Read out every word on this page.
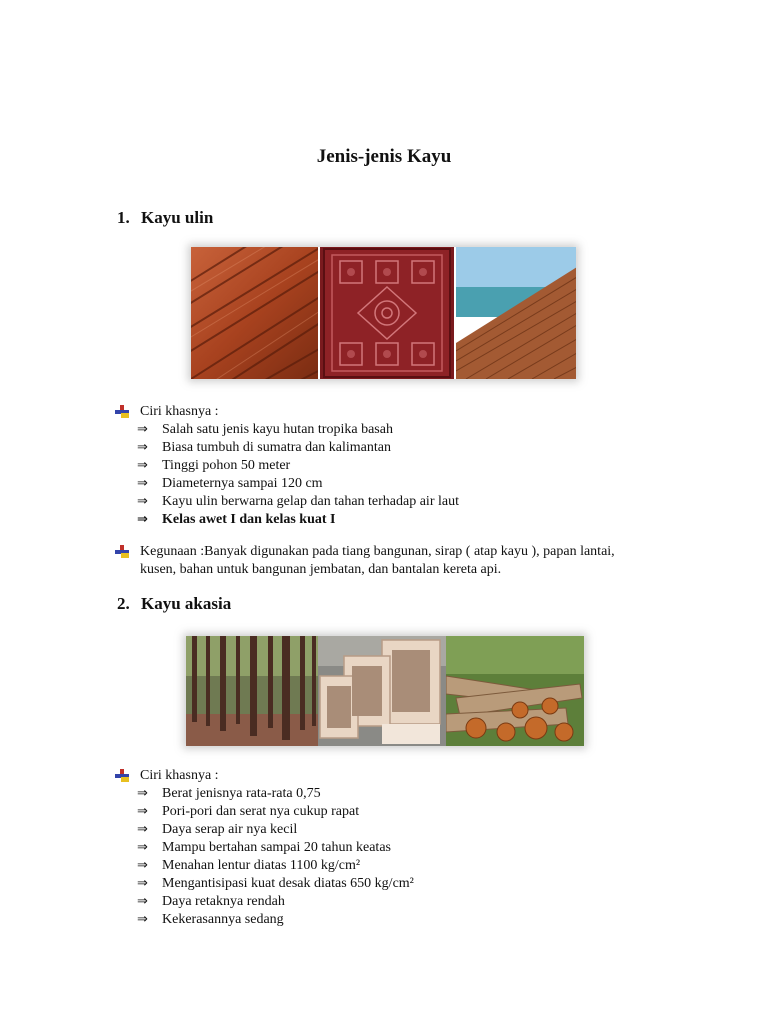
Jenis-jenis Kayu
1. Kayu ulin
Ciri khasnya :
⇒	Salah satu jenis kayu hutan tropika basah
⇒	Biasa tumbuh di sumatra dan kalimantan
⇒	Tinggi pohon 50 meter
⇒	Diameternya sampai 120 cm
⇒	Kayu ulin berwarna gelap dan tahan terhadap air laut
⇒	Kelas awet I dan kelas kuat I
Kegunaan :Banyak digunakan pada tiang bangunan, sirap ( atap kayu ), papan lantai,
kusen, bahan untuk bangunan jembatan, dan bantalan kereta api.
2. Kayu akasia
Ciri khasnya :
⇒	Berat jenisnya rata-rata 0,75
⇒	Pori-pori dan serat nya cukup rapat
⇒	Daya serap air nya kecil
⇒	Mampu bertahan sampai 20 tahun keatas
⇒	Menahan lentur diatas 1100 kg/cm²
⇒	Mengantisipasi kuat desak diatas 650 kg/cm²
⇒	Daya retaknya rendah
⇒	Kekerasannya sedang
